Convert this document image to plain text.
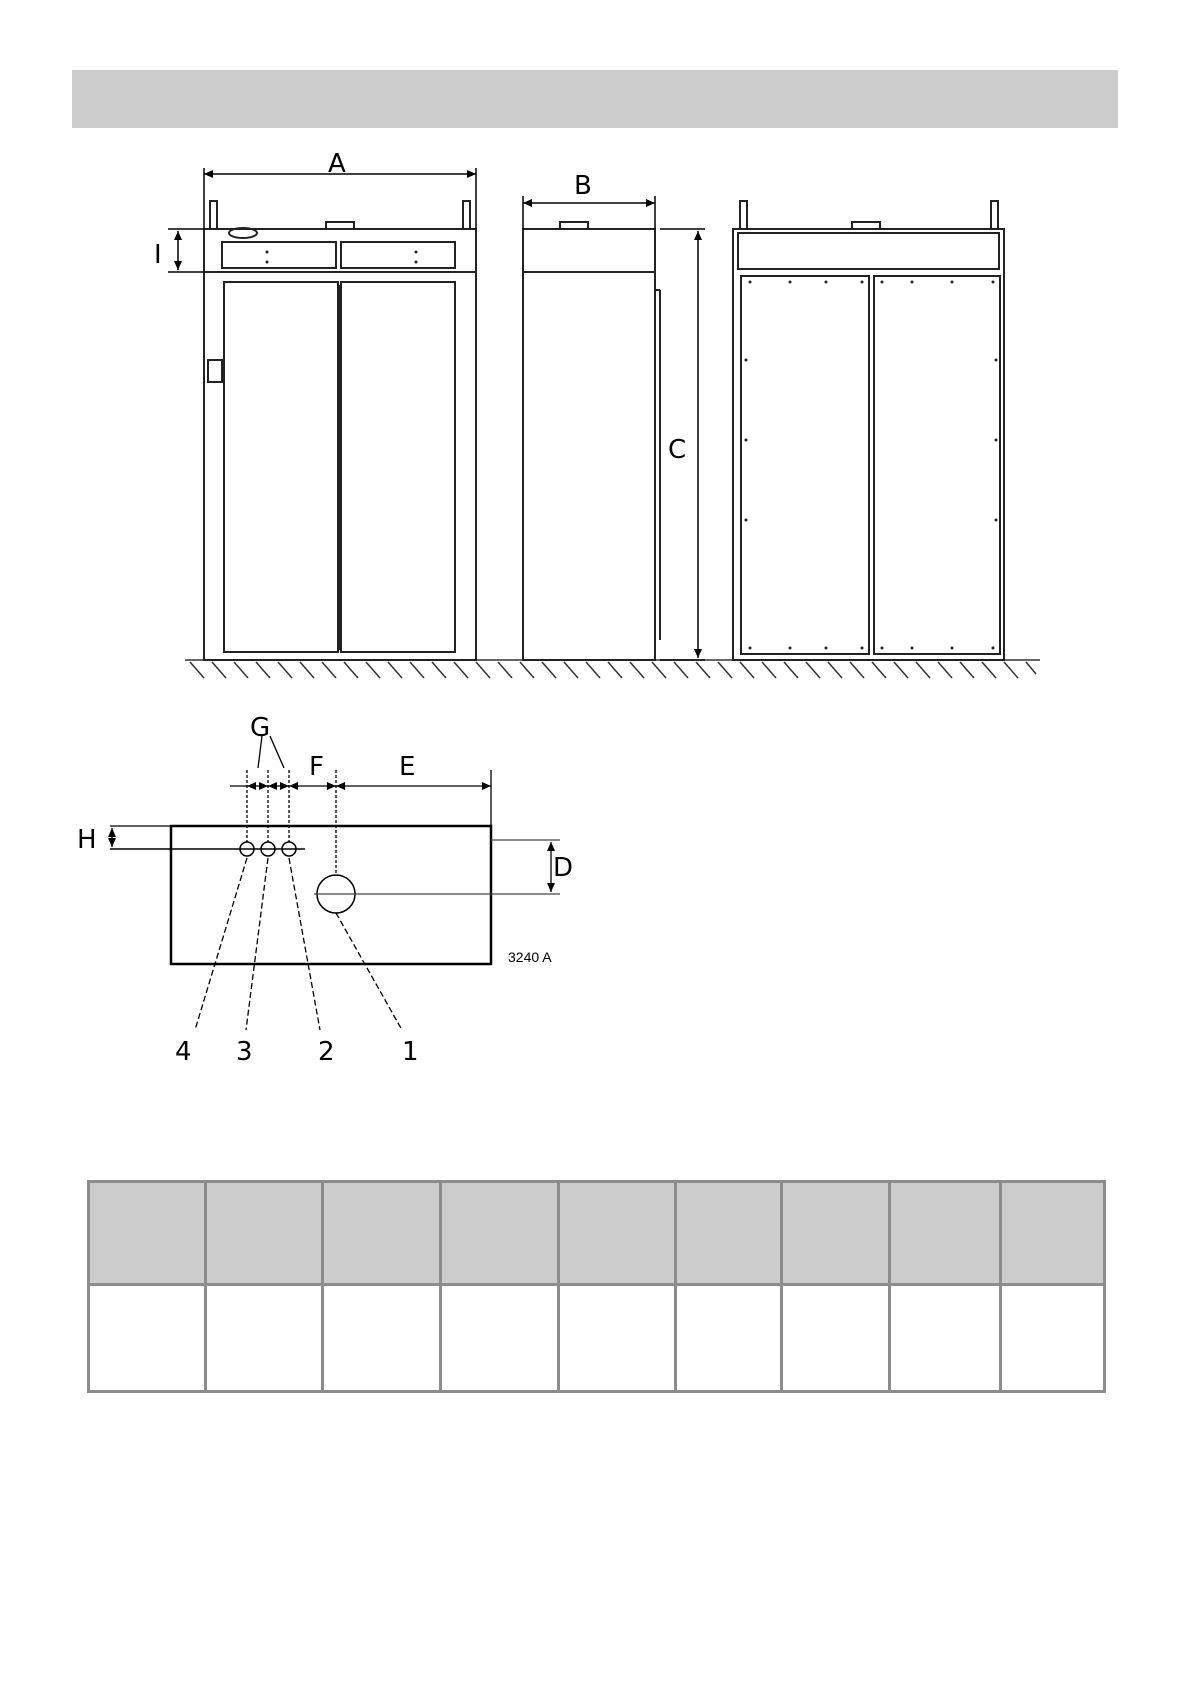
A
B
C
I
G
F	E
H
D
3240 A
4 3	2	1
